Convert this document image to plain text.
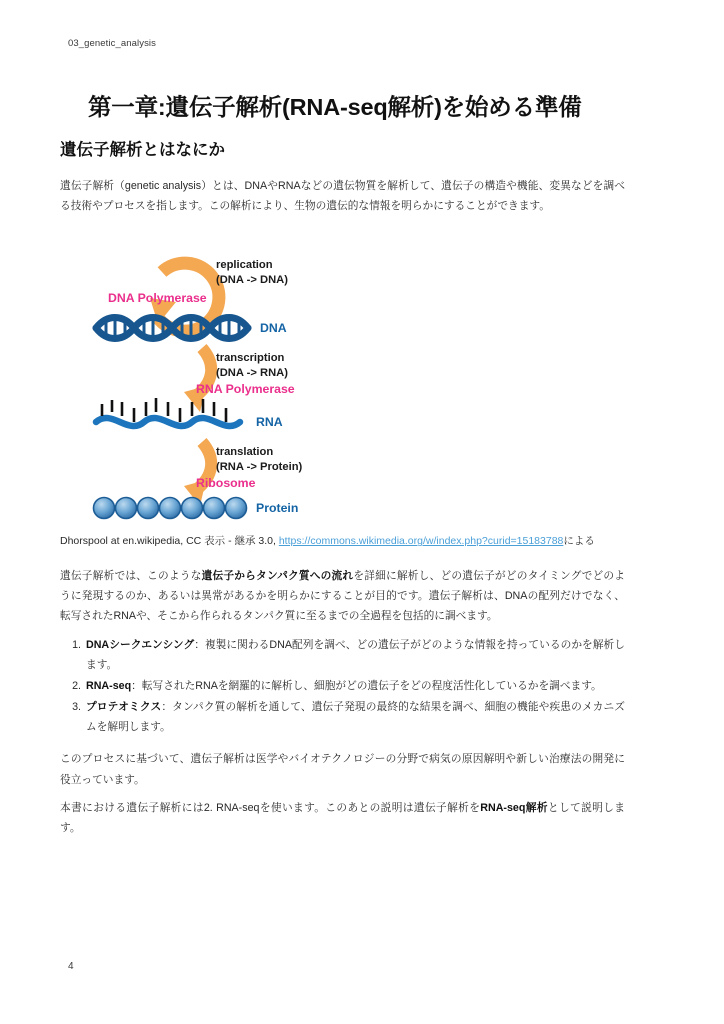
03_genetic_analysis
第一章:遺伝子解析(RNA-seq解析)を始める準備
遺伝子解析とはなにか

遺伝子解析（genetic analysis）とは、DNAやRNAなどの遺伝物質を解析して、遺伝子の構造や機能、変異などを調べる技術やプロセスを指します。この解析により、生物の遺伝的な情報を明らかにすることができます。

replication
(DNA -> DNA)
DNA Polymerase
DNA
transcription
(DNA -> RNA)
RNA Polymerase
RNA
translation
(RNA -> Protein)
Ribosome
Protein

Dhorspool at en.wikipedia, CC 表示 - 継承 3.0, https://commons.wikimedia.org/w/index.php?curid=15183788による

遺伝子解析では、このような遺伝子からタンパク質への流れを詳細に解析し、どの遺伝子がどのタイミングでどのように発現するのか、あるいは異常があるかを明らかにすることが目的です。遺伝子解析は、DNAの配列だけでなく、転写されたRNAや、そこから作られるタンパク質に至るまでの全過程を包括的に調べます。

1. DNAシークエンシング：複製に関わるDNA配列を調べ、どの遺伝子がどのような情報を持っているのかを解析します。
2. RNA-seq：転写されたRNAを網羅的に解析し、細胞がどの遺伝子をどの程度活性化しているかを調べます。
3. プロテオミクス：タンパク質の解析を通して、遺伝子発現の最終的な結果を調べ、細胞の機能や疾患のメカニズムを解明します。

このプロセスに基づいて、遺伝子解析は医学やバイオテクノロジーの分野で病気の原因解明や新しい治療法の開発に役立っています。

本書における遺伝子解析には2. RNA-seqを使います。このあとの説明は遺伝子解析をRNA-seq解析として説明します。

4
